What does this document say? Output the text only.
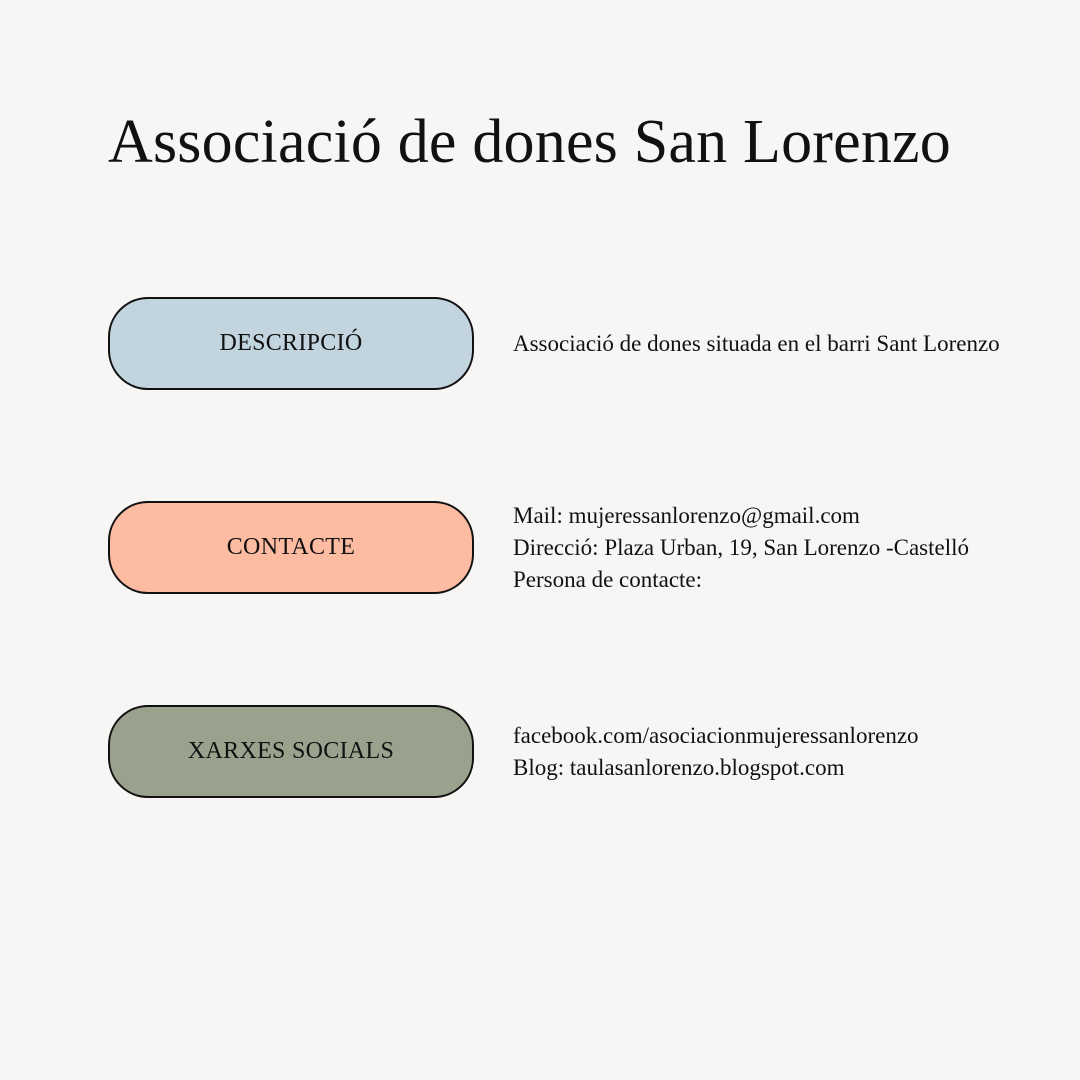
Associació de dones San Lorenzo
DESCRIPCIÓ	Associació de dones situada en el barri Sant Lorenzo
CONTACTE
Mail: mujeressanlorenzo@gmail.com
Direcció: Plaza Urban, 19, San Lorenzo -Castelló
Persona de contacte:
XARXES SOCIALS
facebook.com/asociacionmujeressanlorenzo
Blog: taulasanlorenzo.blogspot.com
